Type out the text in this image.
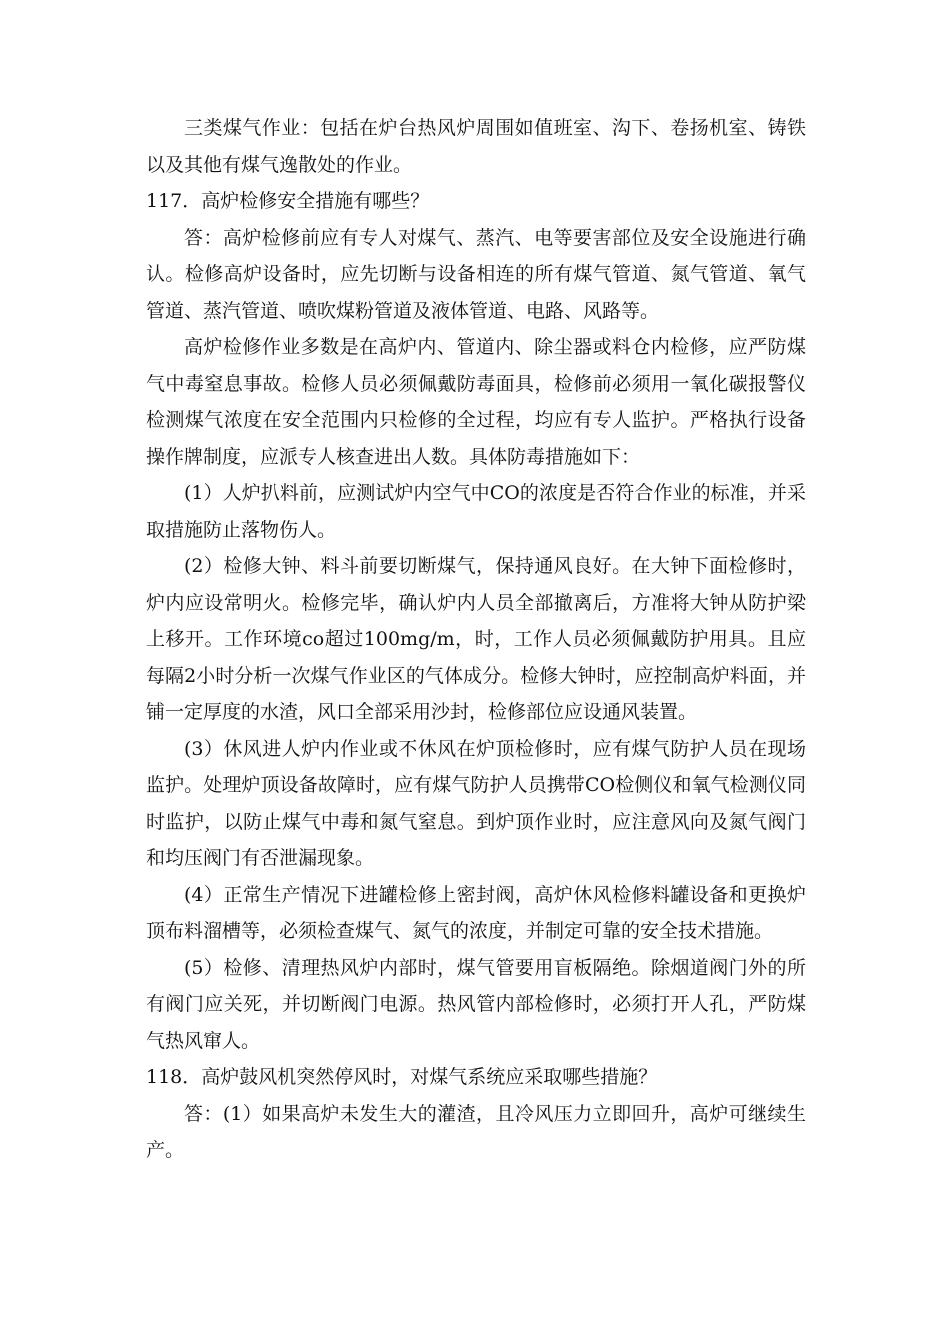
三类煤气作业：包括在炉台热风炉周围如值班室、沟下、卷扬机室、铸铁以及其他有煤气逸散处的作业。

117．高炉检修安全措施有哪些？

答：高炉检修前应有专人对煤气、蒸汽、电等要害部位及安全设施进行确认。检修高炉设备时，应先切断与设备相连的所有煤气管道、氮气管道、氧气管道、蒸汽管道、喷吹煤粉管道及液体管道、电路、风路等。

高炉检修作业多数是在高炉内、管道内、除尘器或料仓内检修，应严防煤气中毒窒息事故。检修人员必须佩戴防毒面具，检修前必须用一氧化碳报警仪检测煤气浓度在安全范围内只检修的全过程，均应有专人监护。严格执行设备操作牌制度，应派专人核查进出人数。具体防毒措施如下：

(1）人炉扒料前，应测试炉内空气中CO的浓度是否符合作业的标准，并采取措施防止落物伤人。

(2）检修大钟、料斗前要切断煤气，保持通风良好。在大钟下面检修时，炉内应设常明火。检修完毕，确认炉内人员全部撤离后，方准将大钟从防护梁上移开。工作环境co超过100mg/m，时，工作人员必须佩戴防护用具。且应每隔2小时分析一次煤气作业区的气体成分。检修大钟时，应控制高炉料面，并铺一定厚度的水渣，风口全部采用沙封，检修部位应设通风装置。

(3）休风进人炉内作业或不休风在炉顶检修时，应有煤气防护人员在现场监护。处理炉顶设备故障时，应有煤气防护人员携带CO检侧仪和氧气检测仪同时监护，以防止煤气中毒和氮气窒息。到炉顶作业时，应注意风向及氮气阀门和均压阀门有否泄漏现象。

(4）正常生产情况下进罐检修上密封阀，高炉休风检修料罐设备和更换炉顶布料溜槽等，必须检查煤气、氮气的浓度，并制定可靠的安全技术措施。

(5）检修、清理热风炉内部时，煤气管要用盲板隔绝。除烟道阀门外的所有阀门应关死，并切断阀门电源。热风管内部检修时，必须打开人孔，严防煤气热风窜人。

118．高炉鼓风机突然停风时，对煤气系统应采取哪些措施？

答：(1）如果高炉未发生大的灌渣，且冷风压力立即回升，高炉可继续生产。
